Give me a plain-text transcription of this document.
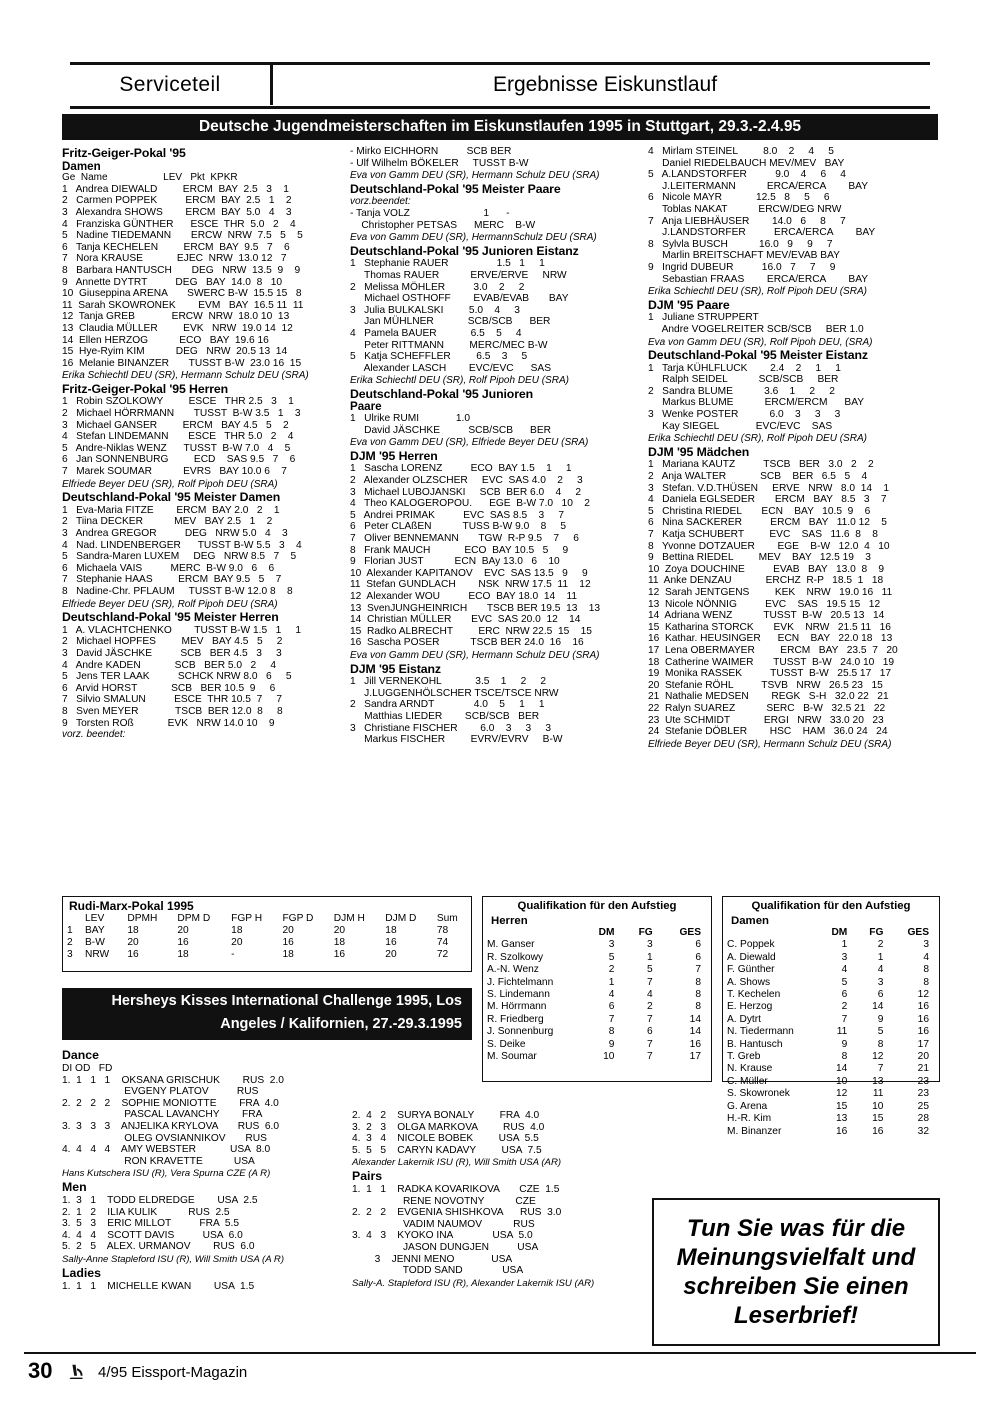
Serviceteil	Ergebnisse Eiskunstlauf
Deutsche Jugendmeisterschaften im Eiskunstlaufen 1995 in Stuttgart, 29.3.-2.4.95
Fritz-Geiger-Pokal '95
Damen
Ge  Name                    LEV   Pkt  KPKR
1   Andrea DIEWALD         ERCM  BAY  2.5   3    1
2   Carmen POPPEK          ERCM  BAY  2.5   1    2
3   Alexandra SHOWS        ERCM  BAY  5.0   4    3
4   Franziska GÜNTHER      ESCE  THR  5.0   2    4
5   Nadine TIEDEMANN       ERCW  NRW  7.5   5    5
6   Tanja KECHELEN         ERCM  BAY  9.5   7    6
7   Nora KRAUSE            EJEC  NRW  13.0 12   7
8   Barbara HANTUSCH       DEG   NRW  13.5  9    9
9   Annette DYTRT          DEG   BAY  14.0  8   10
10  Giuseppina ARENA       SWERC B-W  15.5 15   8
11  Sarah SKOWRONEK        EVM   BAY  16.5 11  11
12  Tanja GREB             ERCW  NRW  18.0 10  13
13  Claudia MÜLLER         EVK   NRW  19.0 14  12
14  Ellen HERZOG           ECO   BAY  19.6 16
15  Hye-Ryim KIM           DEG   NRW  20.5 13  14
16  Melanie BINANZER       TUSST B-W  23.0 16  15
Erika Schiechtl DEU (SR), Hermann Schulz DEU (SRA)
Fritz-Geiger-Pokal '95 Herren
1   Robin SZOLKOWY         ESCE   THR 2.5   3    1
2   Michael HÖRRMANN       TUSST  B-W 3.5   1    3
3   Michael GANSER         ERCM   BAY 4.5   5    2
4   Stefan LINDEMANN       ESCE   THR 5.0   2    4
5   Andre-Niklas WENZ      TUSST  B-W 7.0   4    5
6   Jan SONNENBURG         ECD    SAS 9.5   7    6
7   Marek SOUMAR           EVRS   BAY 10.0 6    7
Elfriede Beyer DEU (SR), Rolf Pipoh DEU (SRA)
Deutschland-Pokal '95 Meister Damen
1   Eva-Maria FITZE        ERCM  BAY 2.0   2    1
2   Tiina DECKER           MEV   BAY 2.5   1    2
3   Andrea GREGOR          DEG   NRW 5.0   4    3
4   Nad. LINDENBERGER      TUSST B-W 5.5   3    4
5   Sandra-Maren LUXEM     DEG   NRW 8.5   7    5
6   Michaela VAIS          MERC  B-W 9.0   6    6
7   Stephanie HAAS         ERCM  BAY 9.5   5    7
8   Nadine-Chr. PFLAUM     TUSST B-W 12.0 8    8
Elfriede Beyer DEU (SR), Rolf Pipoh DEU (SRA)
Deutschland-Pokal '95 Meister Herren
1   A. VLACHTCHENKO        TUSST B-W 1.5   1     1
2   Michael HOPFES         MEV   BAY 4.5   5     2
3   David JÄSCHKE          SCB   BER 4.5   3     3
4   Andre KADEN            SCB   BER 5.0   2     4
5   Jens TER LAAK          SCHCK NRW 8.0   6     5
6   Arvid HORST            SCB   BER 10.5  9     6
7   Silvio SMALUN          ESCE  THR 10.5  7     7
8   Sven MEYER             TSCB  BER 12.0  8     8
9   Torsten ROß            EVK   NRW 14.0 10    9
vorz. beendet:
- Mirko EICHHORN          SCB BER
- Ulf Wilhelm BÖKELER     TUSST B-W
Eva von Gamm DEU (SR), Hermann Schulz DEU (SRA)
Deutschland-Pokal '95 Meister Paare
vorz.beendet:
- Tanja VOLZ                          1      -
Christopher PETSAS      MERC    B-W
Eva von Gamm DEU (SR), HermannSchulz DEU (SRA)
Deutschland-Pokal '95 Junioren Eistanz
1   Stephanie RAUER                 1.5   1     1
Thomas RAUER           ERVE/ERVE     NRW
2   Melissa MÖHLER          3.0    2     2
Michael OSTHOFF        EVAB/EVAB       BAY
3   Julia BULKALSKI         5.0    4     3
Jan MÜHLNER            SCB/SCB      BER
4   Pamela BAUER            6.5    5     4
Peter RITTMANN         MERC/MEC B-W
5   Katja SCHEFFLER         6.5    3     5
Alexander LASCH        EVC/EVC      SAS
Erika Schiechtl DEU (SR), Rolf Pipoh DEU (SRA)
Deutschland-Pokal '95 Junioren
Paare
1   Ulrike RUMI             1.0
David JÄSCHKE          SCB/SCB      BER
Eva von Gamm DEU (SR), Elfriede Beyer DEU (SRA)
DJM '95 Herren
1   Sascha LORENZ          ECO  BAY 1.5    1     1
2   Alexander OLZSCHER     EVC  SAS 4.0    2     3
3   Michael LUBOJANSKI     SCB  BER 6.0    4     2
4   Theo KALOGEROPOU.      EGE  B-W 7.0   10    2
5   Andrei PRIMAK          EVC  SAS 8.5    3     7
6   Peter CLAßEN           TUSS B-W 9.0    8     5
7   Oliver BENNEMANN       TGW  R-P 9.5    7     6
8   Frank MAUCH            ECO  BAY 10.5   5     9
9   Florian JUST           ECN  BAy 13.0   6    10
10  Alexander KAPITANOV    EVC  SAS 13.5   9     9
11  Stefan GUNDLACH        NSK  NRW 17.5  11    12
12  Alexander WOU          ECO  BAY 18.0  14    11
13  SvenJUNGHEINRICH       TSCB BER 19.5  13    13
14  Christian MÜLLER       EVC  SAS 20.0  12    14
15  Radko ALBRECHT         ERC  NRW 22.5  15    15
16  Sascha POSER           TSCB BER 24.0  16    16
Eva von Gamm DEU (SR), Hermann Schulz DEU (SRA)
DJM '95 Eistanz
1   Jill VERNEKOHL            3.5    1     2     2
J.LUGGENHÖLSCHER TSCE/TSCE NRW
2   Sandra ARNDT              4.0    5     1     1
Matthias LIEDER        SCB/SCB   BER
3   Christiane FISCHER        6.0    3     3     3
Markus FISCHER         EVRV/EVRV     B-W
4   Mirlam STEINEL         8.0    2     4     5
Daniel RIEDELBAUCH MEV/MEV   BAY
5   A.LANDSTORFER          9.0    4     6     4
J.LEITERMANN           ERCA/ERCA        BAY
6   Nicole MAYR            12.5   8     5     6
Toblas NAKAT           ERCW/DEG NRW
7   Anja LIEBHÄUSER        14.0   6     8     7
J.LANDSTORFER          ERCA/ERCA        BAY
8   Sylvla BUSCH           16.0   9     9     7
Marlin BREITSCHAFT MEV/EVAB BAY
9   Ingrid DUBEUR          16.0   7     7     9
Sebastian FRAAS        ERCA/ERCA        BAY
Erika Schiechtl DEU (SR), Rolf Pipoh DEU (SRA)
DJM '95 Paare
1   Juliane STRUPPERT
Andre VOGELREITER SCB/SCB     BER 1.0
Eva von Gamm DEU (SR), Rolf Pipoh DEU, (SRA)
Deutschland-Pokal '95 Meister Eistanz
1   Tarja KÜHLFLUCK        2.4    2     1     1
Ralph SEIDEL           SCB/SCB     BER
2   Sandra BLUME           3.6    1     2     2
Markus BLUME           ERCM/ERCM      BAY
3   Wenke POSTER           6.0    3     3     3
Kay SIEGEL             EVC/EVC    SAS
Erika Schiechtl DEU (SR), Rolf Pipoh DEU (SRA)
DJM '95 Mädchen
1   Mariana KAUTZ          TSCB   BER   3.0   2    2
2   Anja WALTER            SCB    BER   6.5   5    4
3   Stefan. V.D.THÜSEN     ERVE   NRW   8.0  14    1
4   Daniela EGLSEDER       ERCM   BAY   8.5   3    7
5   Christina RIEDEL       ECN    BAY   10.5  9    6
6   Nina SACKERER          ERCM   BAY   11.0 12    5
7   Katja SCHUBERT         EVC    SAS   11.6  8    8
8   Yvonne DOTZAUER        EGE    B-W   12.0  4   10
9   Bettina RIEDEL         MEV    BAY   12.5 19    3
10  Zoya DOUCHINE          EVAB   BAY   13.0  8    9
11  Anke DENZAU            ERCHZ  R-P   18.5  1   18
12  Sarah JENTGENS         KEK    NRW   19.0 16   11
13  Nicole NÖNNIG          EVC    SAS   19.5 15   12
14  Adriana WENZ           TUSST  B-W   20.5 13   14
15  Katharina STORCK       EVK    NRW   21.5 11   16
16  Kathar. HEUSINGER      ECN    BAY   22.0 18   13
17  Lena OBERMAYER         ERCM   BAY   23.5  7   20
18  Catherine WAIMER       TUSST  B-W   24.0 10   19
19  Monika RASSEK          TUSST  B-W   25.5 17   17
20  Stefanie RÖHL          TSVB   NRW   26.5 23   15
21  Nathalie MEDSEN        REGK   S-H   32.0 22   21
22  Ralyn SUAREZ           SERC   B-W   32.5 21   22
23  Ute SCHMIDT            ERGI   NRW   33.0 20   23
24  Stefanie DÖBLER        HSC    HAM   36.0 24   24
Elfriede Beyer DEU (SR), Hermann Schulz DEU (SRA)
Rudi-Marx-Pokal 1995
	LEV	DPMH	DPM D	FGP H	FGP D	DJM H	DJM D	Sum
1	BAY	18	20	18	20	20	18	78
2	B-W	20	16	20	16	18	16	74
3	NRW	16	18	-	18	16	20	72
Qualifikation für den Aufstieg
Herren
	DM	FG	GES
M. Ganser	3	3	6
R. Szolkowy	5	1	6
A.-N. Wenz	2	5	7
J. Fichtelmann	1	7	8
S. Lindemann	4	4	8
M. Hörrmann	6	2	8

R. Friedberg	7	7	14
J. Sonnenburg	8	6	14
S. Deike	9	7	16
M. Soumar	10	7	17
Qualifikation für den Aufstieg
Damen
	DM	FG	GES
C. Poppek	1	2	3
A. Diewald	3	1	4
F. Günther	4	4	8
A. Shows	5	3	8
T. Kechelen	6	6	12
E. Herzog	2	14	16
A. Dytrt	7	9	16
N. Tiedermann	11	5	16

B. Hantusch	9	8	17
T. Greb	8	12	20
N. Krause	14	7	21
C. Müller	10	13	23
S. Skowronek	12	11	23
G. Arena	15	10	25
H.-R. Kim	13	15	28
M. Binanzer	16	16	32
Hersheys Kisses International Challenge 1995, Los
Angeles / Kalifornien, 27.-29.3.1995
Dance
DI OD   FD
1.  1   1   1    OKSANA GRISCHUK        RUS  2.0
EVGENY PLATOV          RUS
2.  2   2   2    SOPHIE MONIOTTE        FRA  4.0
PASCAL LAVANCHY        FRA
3.  3   3   3    ANJELIKA KRYLOVA       RUS  6.0
OLEG OVSIANNIKOV       RUS
4.  4   4   4    AMY WEBSTER            USA  8.0
RON KRAVETTE           USA
Hans Kutschera ISU (R), Vera Spurna CZE (A R)
Men
1.  3   1    TODD ELDREDGE        USA  2.5
2.  1   2    ILIA KULIK           RUS  2.5
3.  5   3    ERIC MILLOT          FRA  5.5
4.  4   4    SCOTT DAVIS          USA  6.0
5.  2   5    ALEX. URMANOV        RUS  6.0
Sally-Anne Stapleford ISU (R), Will Smith USA (A R)
Ladies
1.  1   1    MICHELLE KWAN        USA  1.5
2.  4   2    SURYA BONALY         FRA  4.0
3.  2   3    OLGA MARKOVA         RUS  4.0
4.  3   4    NICOLE BOBEK         USA  5.5
5.  5   5    CARYN KADAVY         USA  7.5
Alexander Lakernik ISU (R), Will Smith USA (AR)
Pairs
1.  1   1    RADKA KOVARIKOVA       CZE  1.5
RENE NOVOTNY           CZE
2.  2   2    EVGENIA SHISHKOVA      RUS  3.0
VADIM NAUMOV           RUS
3.  4   3    KYOKO INA              USA  5.0
JASON DUNGJEN          USA
3    JENNI MENO             USA
TODD SAND              USA
Sally-A. Stapleford ISU (R), Alexander Lakernik ISU (AR)
Tun Sie was für die
Meinungsvielfalt und
schreiben Sie einen
Leserbrief!
30	4/95 Eissport-Magazin
